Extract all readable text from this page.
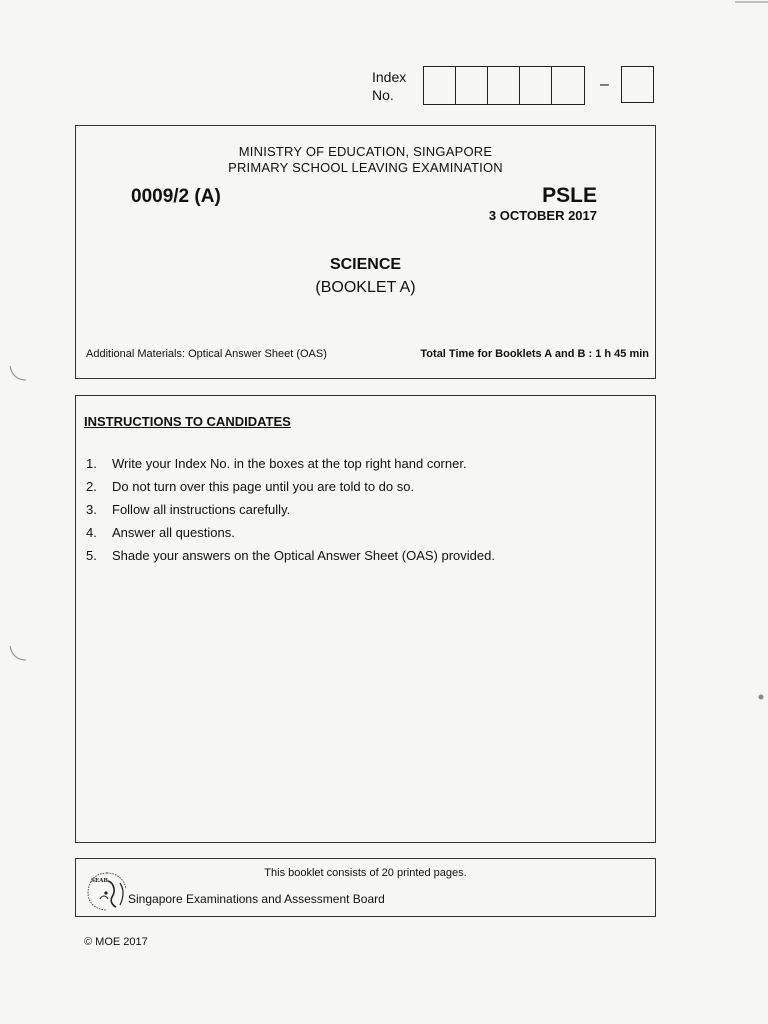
Index
No.
–
MINISTRY OF EDUCATION, SINGAPORE
PRIMARY SCHOOL LEAVING EXAMINATION
0009/2 (A)	PSLE
3 OCTOBER 2017
SCIENCE
(BOOKLET A)
Additional Materials: Optical Answer Sheet (OAS)	Total Time for Booklets A and B : 1 h 45 min
INSTRUCTIONS TO CANDIDATES
1.	Write your Index No. in the boxes at the top right hand corner.
2.	Do not turn over this page until you are told to do so.
3.	Follow all instructions carefully.
4.	Answer all questions.
5.	Shade your answers on the Optical Answer Sheet (OAS) provided.
This booklet consists of 20 printed pages.
SEAB
Singapore Examinations and Assessment Board
© MOE 2017
